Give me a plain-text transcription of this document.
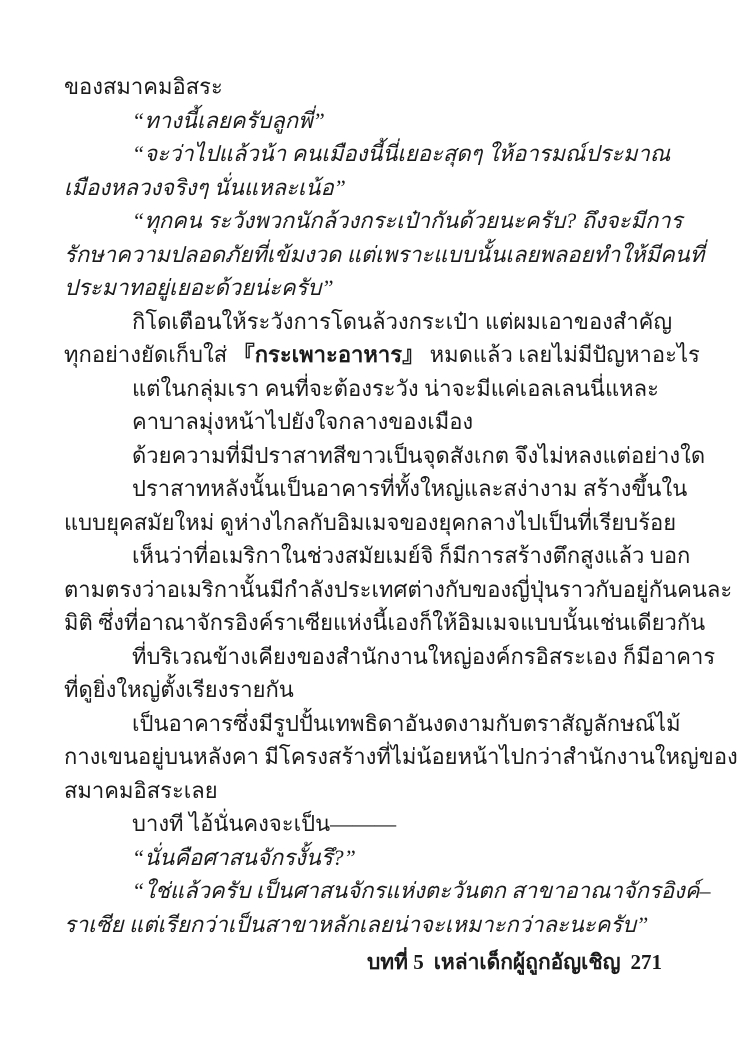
ของสมาคมอิสระ
“ทางนี้เลยครับลูกพี่”
“จะว่าไปแล้วน้า คนเมืองนี้นี่เยอะสุดๆ ให้อารมณ์ประมาณ
เมืองหลวงจริงๆ นั่นแหละเน้อ”
“ทุกคน ระวังพวกนักล้วงกระเป๋ากันด้วยนะครับ? ถึงจะมีการ
รักษาความปลอดภัยที่เข้มงวด แต่เพราะแบบนั้นเลยพลอยทำให้มีคนที่
ประมาทอยู่เยอะด้วยน่ะครับ”
กิโดเตือนให้ระวังการโดนล้วงกระเป๋า แต่ผมเอาของสำคัญ
ทุกอย่างยัดเก็บใส่ 『กระเพาะอาหาร』 หมดแล้ว เลยไม่มีปัญหาอะไร
แต่ในกลุ่มเรา คนที่จะต้องระวัง น่าจะมีแค่เอลเลนนี่แหละ
คาบาลมุ่งหน้าไปยังใจกลางของเมือง
ด้วยความที่มีปราสาทสีขาวเป็นจุดสังเกต จึงไม่หลงแต่อย่างใด
ปราสาทหลังนั้นเป็นอาคารที่ทั้งใหญ่และสง่างาม สร้างขึ้นใน
แบบยุคสมัยใหม่ ดูห่างไกลกับอิมเมจของยุคกลางไปเป็นที่เรียบร้อย
เห็นว่าที่อเมริกาในช่วงสมัยเมย์จิ ก็มีการสร้างตึกสูงแล้ว บอก
ตามตรงว่าอเมริกานั้นมีกำลังประเทศต่างกับของญี่ปุ่นราวกับอยู่กันคนละ
มิติ ซึ่งที่อาณาจักรอิงค์ราเซียแห่งนี้เองก็ให้อิมเมจแบบนั้นเช่นเดียวกัน
ที่บริเวณข้างเคียงของสำนักงานใหญ่องค์กรอิสระเอง ก็มีอาคาร
ที่ดูยิ่งใหญ่ตั้งเรียงรายกัน
เป็นอาคารซึ่งมีรูปปั้นเทพธิดาอันงดงามกับตราสัญลักษณ์ไม้
กางเขนอยู่บนหลังคา มีโครงสร้างที่ไม่น้อยหน้าไปกว่าสำนักงานใหญ่ของ
สมาคมอิสระเลย
บางที ไอ้นั่นคงจะเป็น———
“นั่นคือศาสนจักรงั้นรึ?”
“ใช่แล้วครับ เป็นศาสนจักรแห่งตะวันตก สาขาอาณาจักรอิงค์–
ราเซีย แต่เรียกว่าเป็นสาขาหลักเลยน่าจะเหมาะกว่าละนะครับ”
บทที่ 5 เหล่าเด็กผู้ถูกอัญเชิญ 271
